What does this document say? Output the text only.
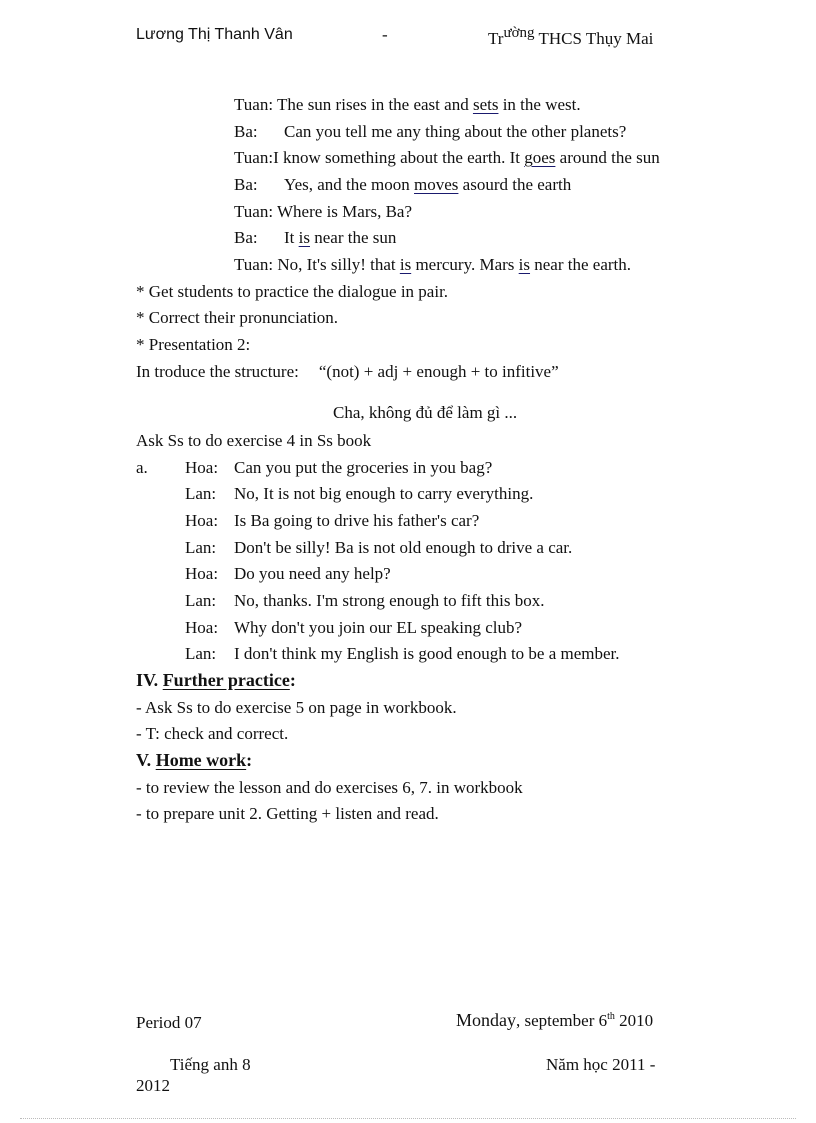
Lương Thị Thanh Vân	-	Trường THCS Thụy Mai
Tuan: The sun rises in the east and sets in the west.
Ba: Can you tell me any thing about the other planets?
Tuan:I know something about the earth. It goes around the sun
Ba: Yes, and the moon moves asourd the earth
Tuan: Where is Mars, Ba?
Ba: It is near the sun
Tuan: No, It's silly! that is mercury. Mars is near the earth.
* Get students to practice the dialogue in pair.
* Correct their pronunciation.
* Presentation 2:
In troduce the structure: “(not) + adj + enough + to infitive”
Cha, không đủ để làm gì ...
Ask Ss to do exercise 4 in Ss book
a. Hoa: Can you put the groceries in you bag?
Lan: No, It is not big enough to carry everything.
Hoa: Is Ba going to drive his father's car?
Lan: Don't be silly! Ba is not old enough to drive a car.
Hoa: Do you need any help?
Lan: No, thanks. I'm strong enough to fift this box.
Hoa: Why don't you join our EL speaking club?
Lan: I don't think my English is good enough to be a member.
IV. Further practice:
- Ask Ss to do exercise 5 on page in workbook.
- T: check and correct.
V. Home work:
- to review the lesson and do exercises 6, 7. in workbook
- to prepare unit 2. Getting + listen and read.
Period 07	Monday, september 6th 2010
Tiếng anh 8	Năm học 2011 -
2012
